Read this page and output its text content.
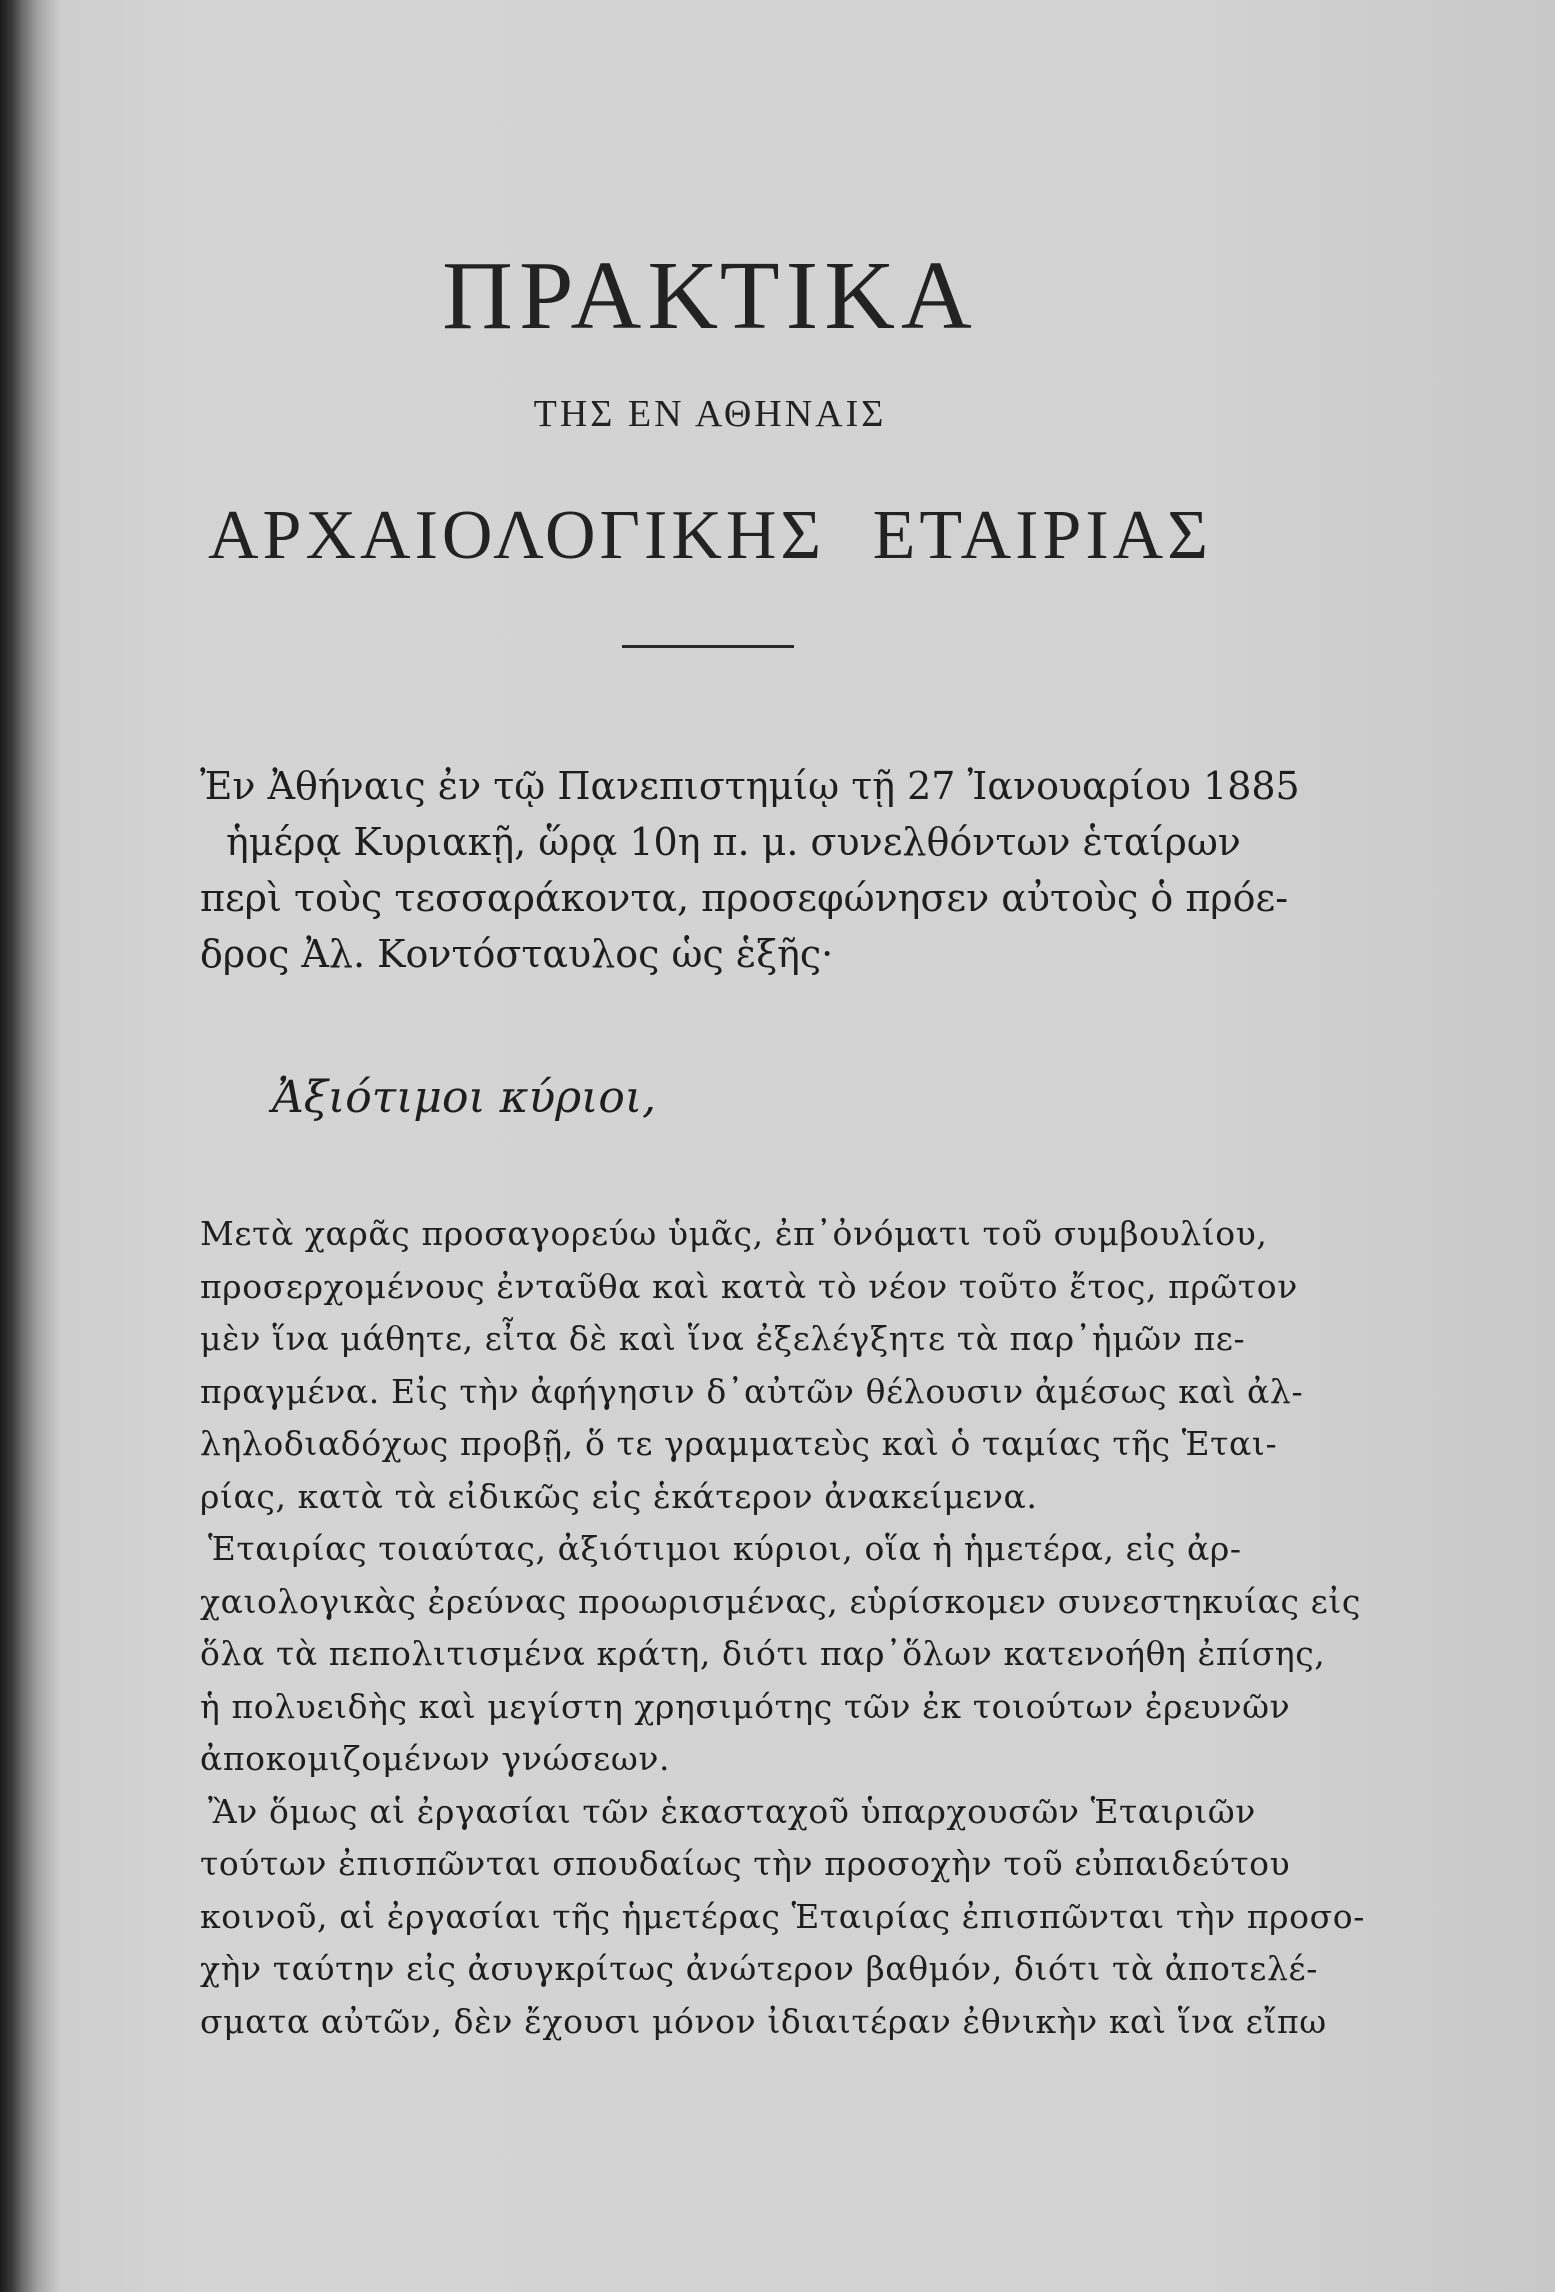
ΠΡΑΚΤΙΚΑ
ΤΗΣ ΕΝ ΑΘΗΝΑΙΣ
ΑΡΧΑΙΟΛΟΓΙΚΗΣ ΕΤΑΙΡΙΑΣ
Ἐν Ἀθήναις ἐν τῷ Πανεπιστημίῳ τῇ 27 Ἰανουαρίου 1885
ἡμέρᾳ Κυριακῇ, ὥρᾳ 10η π. μ. συνελθόντων ἑταίρων
περὶ τοὺς τεσσαράκοντα, προσεφώνησεν αὐτοὺς ὁ πρόε-
δρος Ἀλ. Κοντόσταυλος ὡς ἑξῆς·
Ἀξιότιμοι κύριοι,
Μετὰ χαρᾶς προσαγορεύω ὑμᾶς, ἐπ᾽ὀνόματι τοῦ συμβουλίου,
προσερχομένους ἐνταῦθα καὶ κατὰ τὸ νέον τοῦτο ἔτος, πρῶτον
μὲν ἵνα μάθητε, εἶτα δὲ καὶ ἵνα ἐξελέγξητε τὰ παρ᾽ἡμῶν πε-
πραγμένα. Εἰς τὴν ἀφήγησιν δ᾽αὐτῶν θέλουσιν ἀμέσως καὶ ἀλ-
ληλοδιαδόχως προβῇ, ὅ τε γραμματεὺς καὶ ὁ ταμίας τῆς Ἑται-
ρίας, κατὰ τὰ εἰδικῶς εἰς ἑκάτερον ἀνακείμενα.
Ἑταιρίας τοιαύτας, ἀξιότιμοι κύριοι, οἵα ἡ ἡμετέρα, εἰς ἀρ-
χαιολογικὰς ἐρεύνας προωρισμένας, εὑρίσκομεν συνεστηκυίας εἰς
ὅλα τὰ πεπολιτισμένα κράτη, διότι παρ᾽ὅλων κατενοήθη ἐπίσης,
ἡ πολυειδὴς καὶ μεγίστη χρησιμότης τῶν ἐκ τοιούτων ἐρευνῶν
ἀποκομιζομένων γνώσεων.
Ἂν ὅμως αἱ ἐργασίαι τῶν ἑκασταχοῦ ὑπαρχουσῶν Ἑταιριῶν
τούτων ἐπισπῶνται σπουδαίως τὴν προσοχὴν τοῦ εὐπαιδεύτου
κοινοῦ, αἱ ἐργασίαι τῆς ἡμετέρας Ἑταιρίας ἐπισπῶνται τὴν προσο-
χὴν ταύτην εἰς ἀσυγκρίτως ἀνώτερον βαθμόν, διότι τὰ ἀποτελέ-
σματα αὐτῶν, δὲν ἔχουσι μόνον ἰδιαιτέραν ἐθνικὴν καὶ ἵνα εἴπω
